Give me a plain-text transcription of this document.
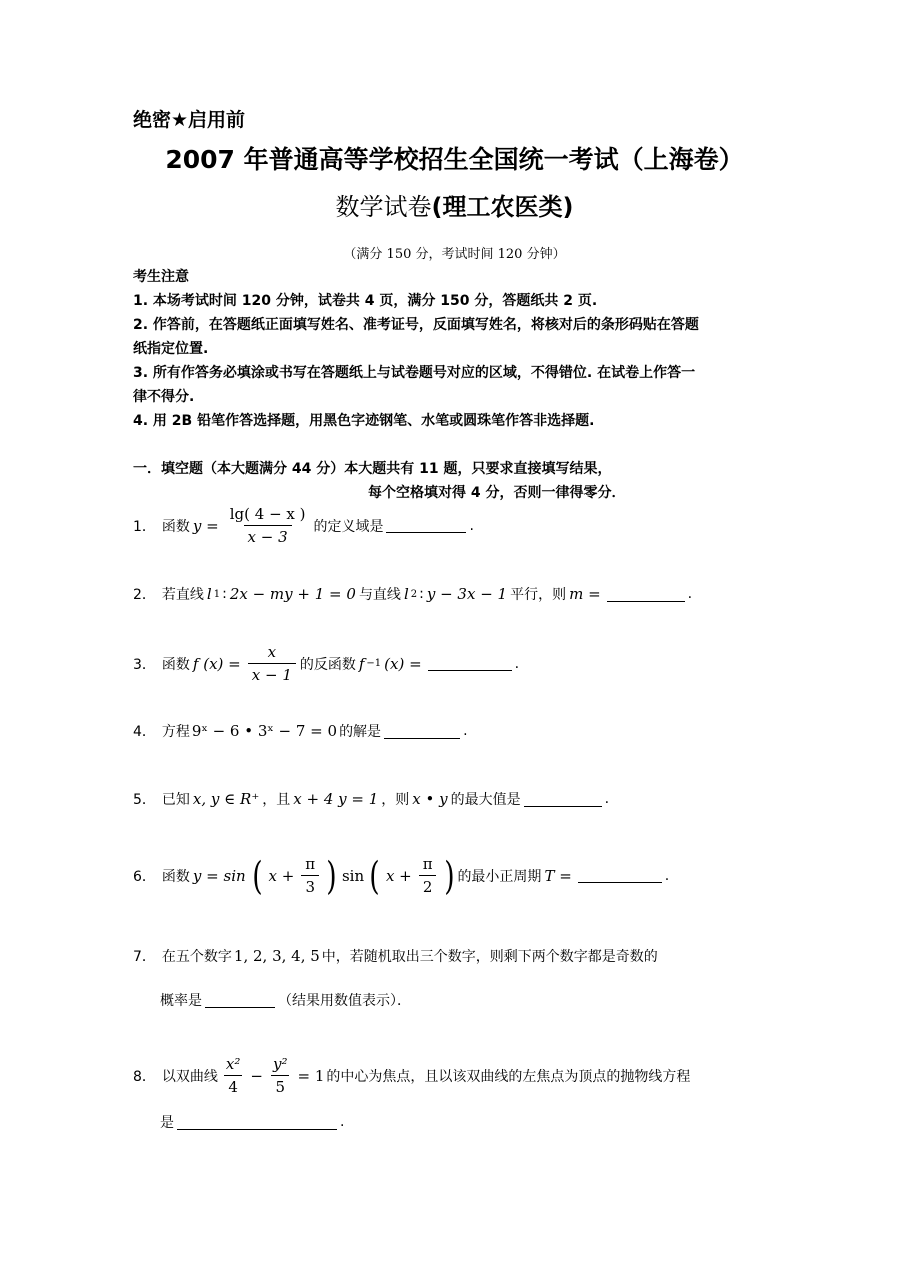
绝密★启用前
2007 年普通高等学校招生全国统一考试（上海卷）
数学试卷(理工农医类)
（满分 150 分，考试时间 120 分钟）
考生注意
1. 本场考试时间 120 分钟，试卷共 4 页，满分 150 分，答题纸共 2 页.
2. 作答前，在答题纸正面填写姓名、准考证号，反面填写姓名，将核对后的条形码贴在答题
纸指定位置.
3. 所有作答务必填涂或书写在答题纸上与试卷题号对应的区域，不得错位. 在试卷上作答一
律不得分.
4. 用 2B 铅笔作答选择题，用黑色字迹钢笔、水笔或圆珠笔作答非选择题.
一．填空题（本大题满分 44 分）本大题共有 11 题，只要求直接填写结果，
每个空格填对得 4 分，否则一律得零分．
1． 函数 $y = \frac{\lg( 4 - x )}{x - 3}$ 的定义域是	.
2． 若直线 l 1 : 2x − my + 1 = 0 与直线 l 2 : y − 3x − 1 平行，则 m =	.
3． 函数 f $(x) = \frac{x}{x - 1}$ 的反函数 f −1 (x) =	.
4． 方程 9ˣ − 6 • 3ˣ − 7 = 0 的解是	.
5． 已知 x, y ∈ R⁺ ，且 x + 4 y = 1 ，则 x • y 的最大值是	.
6． 函数 y = sin ( $x + \frac{\pi}{3}$ ) sin ( $x + \frac{\pi}{2}$ ) 的最小正周期 T =	.
7． 在五个数字 1, 2, 3, 4, 5 中，若随机取出三个数字，则剩下两个数字都是奇数的
概率是	（结果用数值表示）．
8． 以双曲线 $\frac{\text{x²}}{4} - \frac{\text{y²}}{5} = 1$ 的中心为焦点，且以该双曲线的左焦点为顶点的抛物线方程
是	.
